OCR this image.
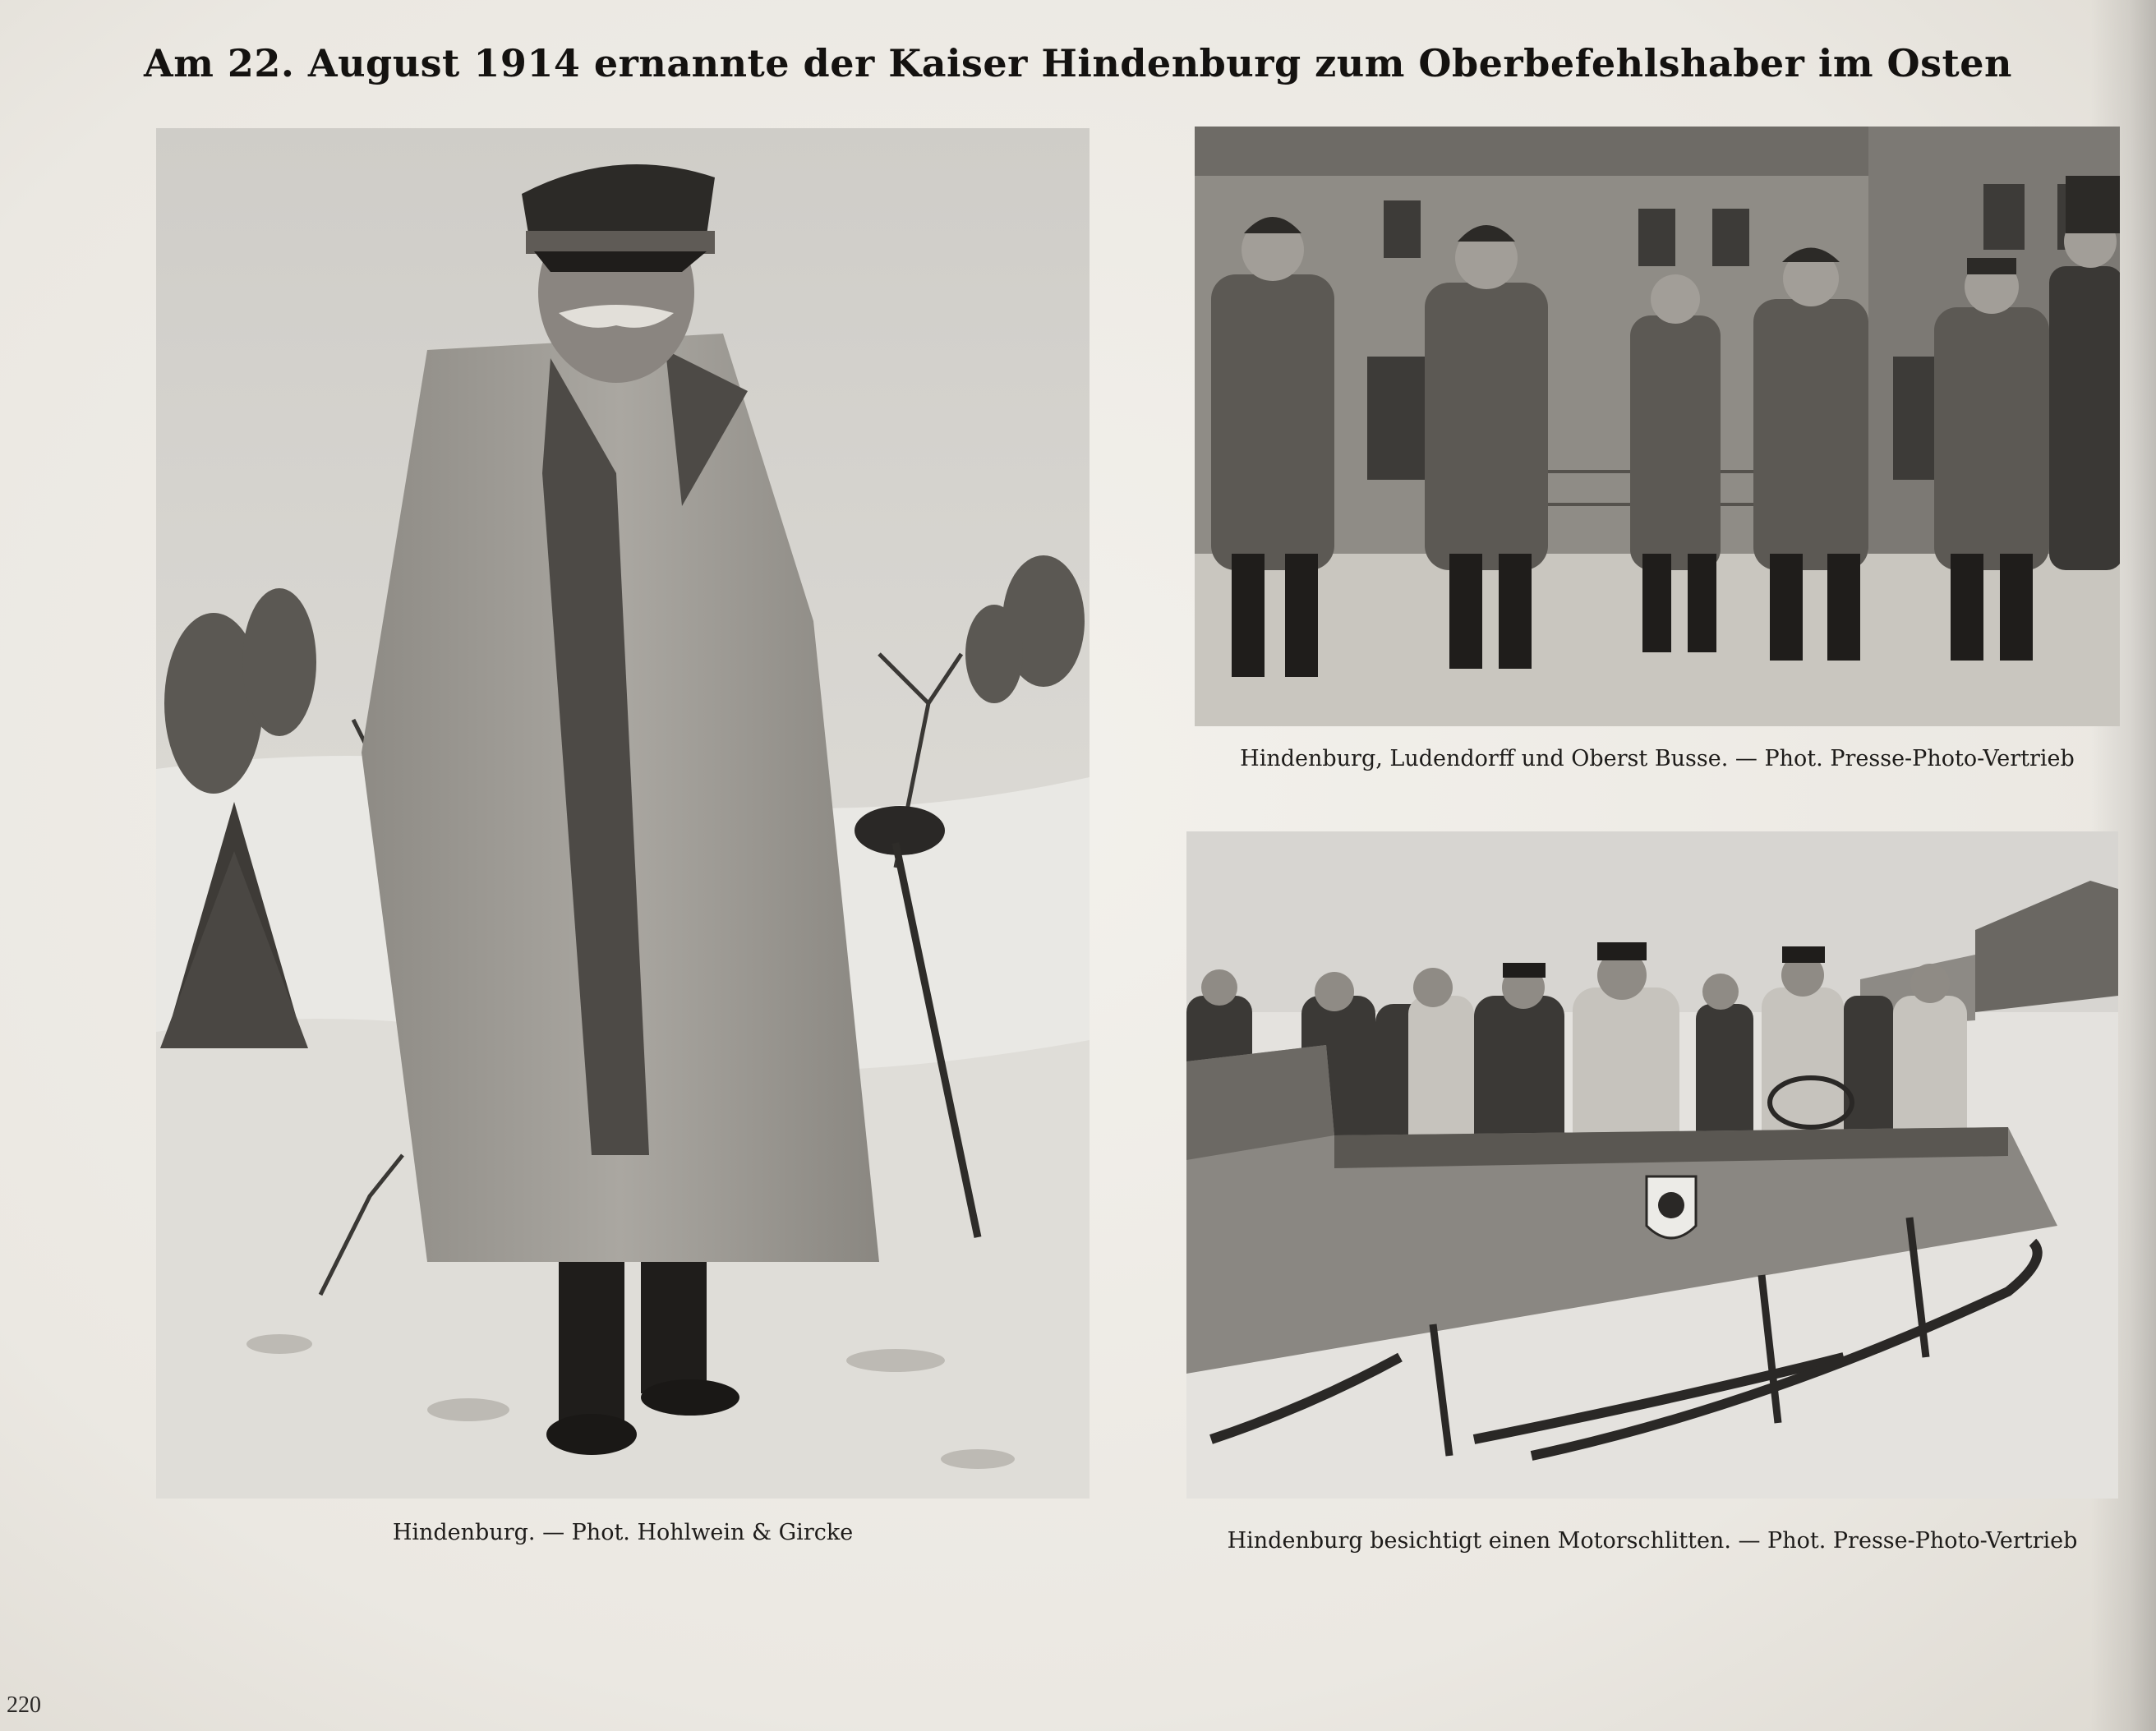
Am 22. August 1914 ernannte der Kaiser Hindenburg zum Oberbefehlshaber im Osten
Hindenburg. — Phot. Hohlwein & Gircke
Hindenburg, Ludendorff und Oberst Busse. — Phot. Presse-Photo-Vertrieb
Hindenburg besichtigt einen Motorschlitten. — Phot. Presse-Photo-Vertrieb
220
